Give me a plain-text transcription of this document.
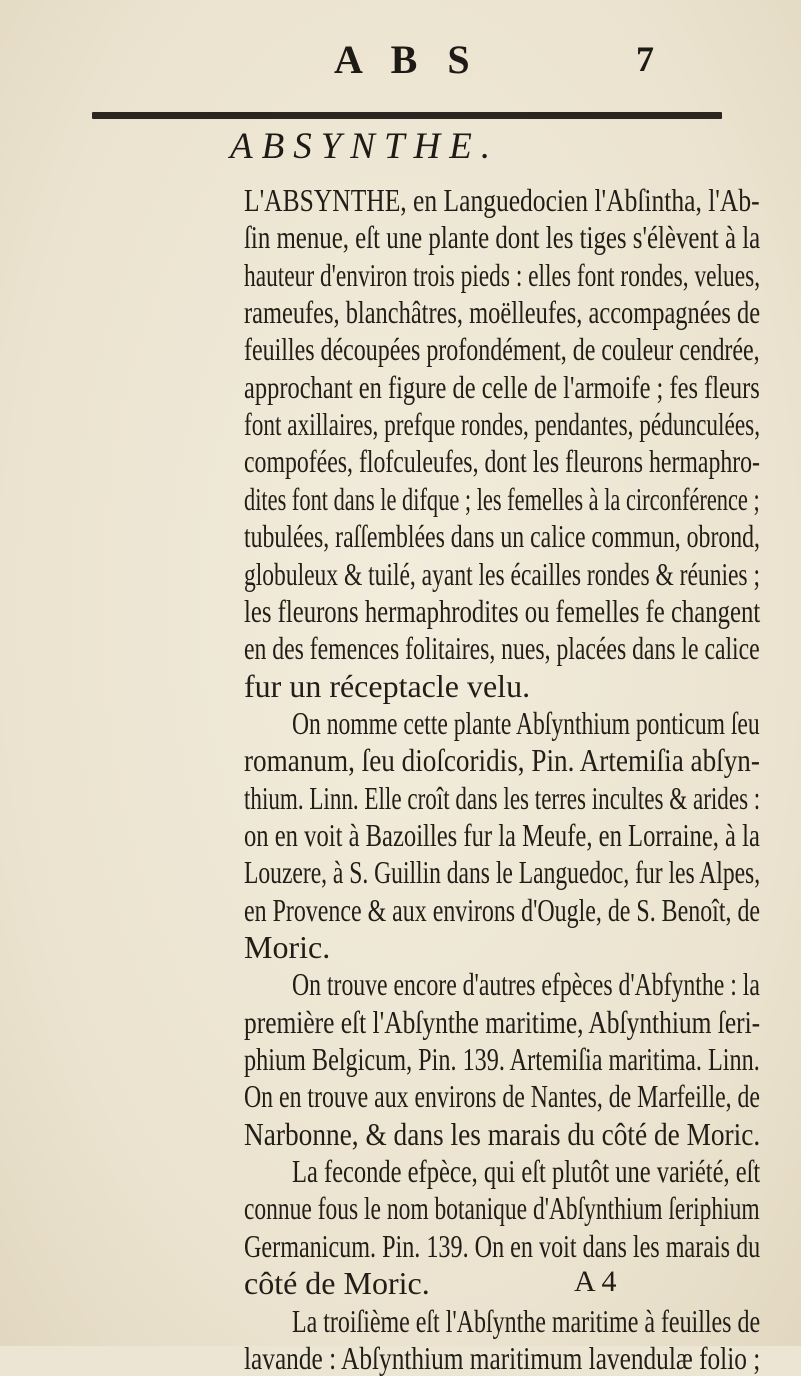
A B S	7
ABSYNTHE.
L'ABSYNTHE, en Languedocien l'Abſintha, l'Ab-
ſin menue, eſt une plante dont les tiges s'élèvent à la
hauteur d'environ trois pieds : elles font rondes, velues,
rameufes, blanchâtres, moëlleufes, accompagnées de
feuilles découpées profondément, de couleur cendrée,
approchant en figure de celle de l'armoife ; fes fleurs
font axillaires, prefque rondes, pendantes, pédunculées,
compofées, flofculeufes, dont les fleurons hermaphro-
dites font dans le difque ; les femelles à la circonférence ;
tubulées, raſſemblées dans un calice commun, obrond,
globuleux & tuilé, ayant les écailles rondes & réunies ;
les fleurons hermaphrodites ou femelles fe changent
en des femences folitaires, nues, placées dans le calice
fur un réceptacle velu.
On nomme cette plante Abſynthium ponticum ſeu
romanum, ſeu dioſcoridis, Pin. Artemiſia abſyn-
thium. Linn. Elle croît dans les terres incultes & arides :
on en voit à Bazoilles fur la Meufe, en Lorraine, à la
Louzere, à S. Guillin dans le Languedoc, fur les Alpes,
en Provence & aux environs d'Ougle, de S. Benoît, de
Moric.
On trouve encore d'autres efpèces d'Abfynthe : la
première eſt l'Abſynthe maritime, Abſynthium ſeri-
phium Belgicum, Pin. 139. Artemiſia maritima. Linn.
On en trouve aux environs de Nantes, de Marfeille, de
Narbonne, & dans les marais du côté de Moric.
La feconde efpèce, qui eſt plutôt une variété, eſt
connue fous le nom botanique d'Abſynthium ſeriphium
Germanicum. Pin. 139. On en voit dans les marais du
côté de Moric.
La troiſième eſt l'Abſynthe maritime à feuilles de
lavande : Abſynthium maritimum lavendulæ folio ;
A 4
